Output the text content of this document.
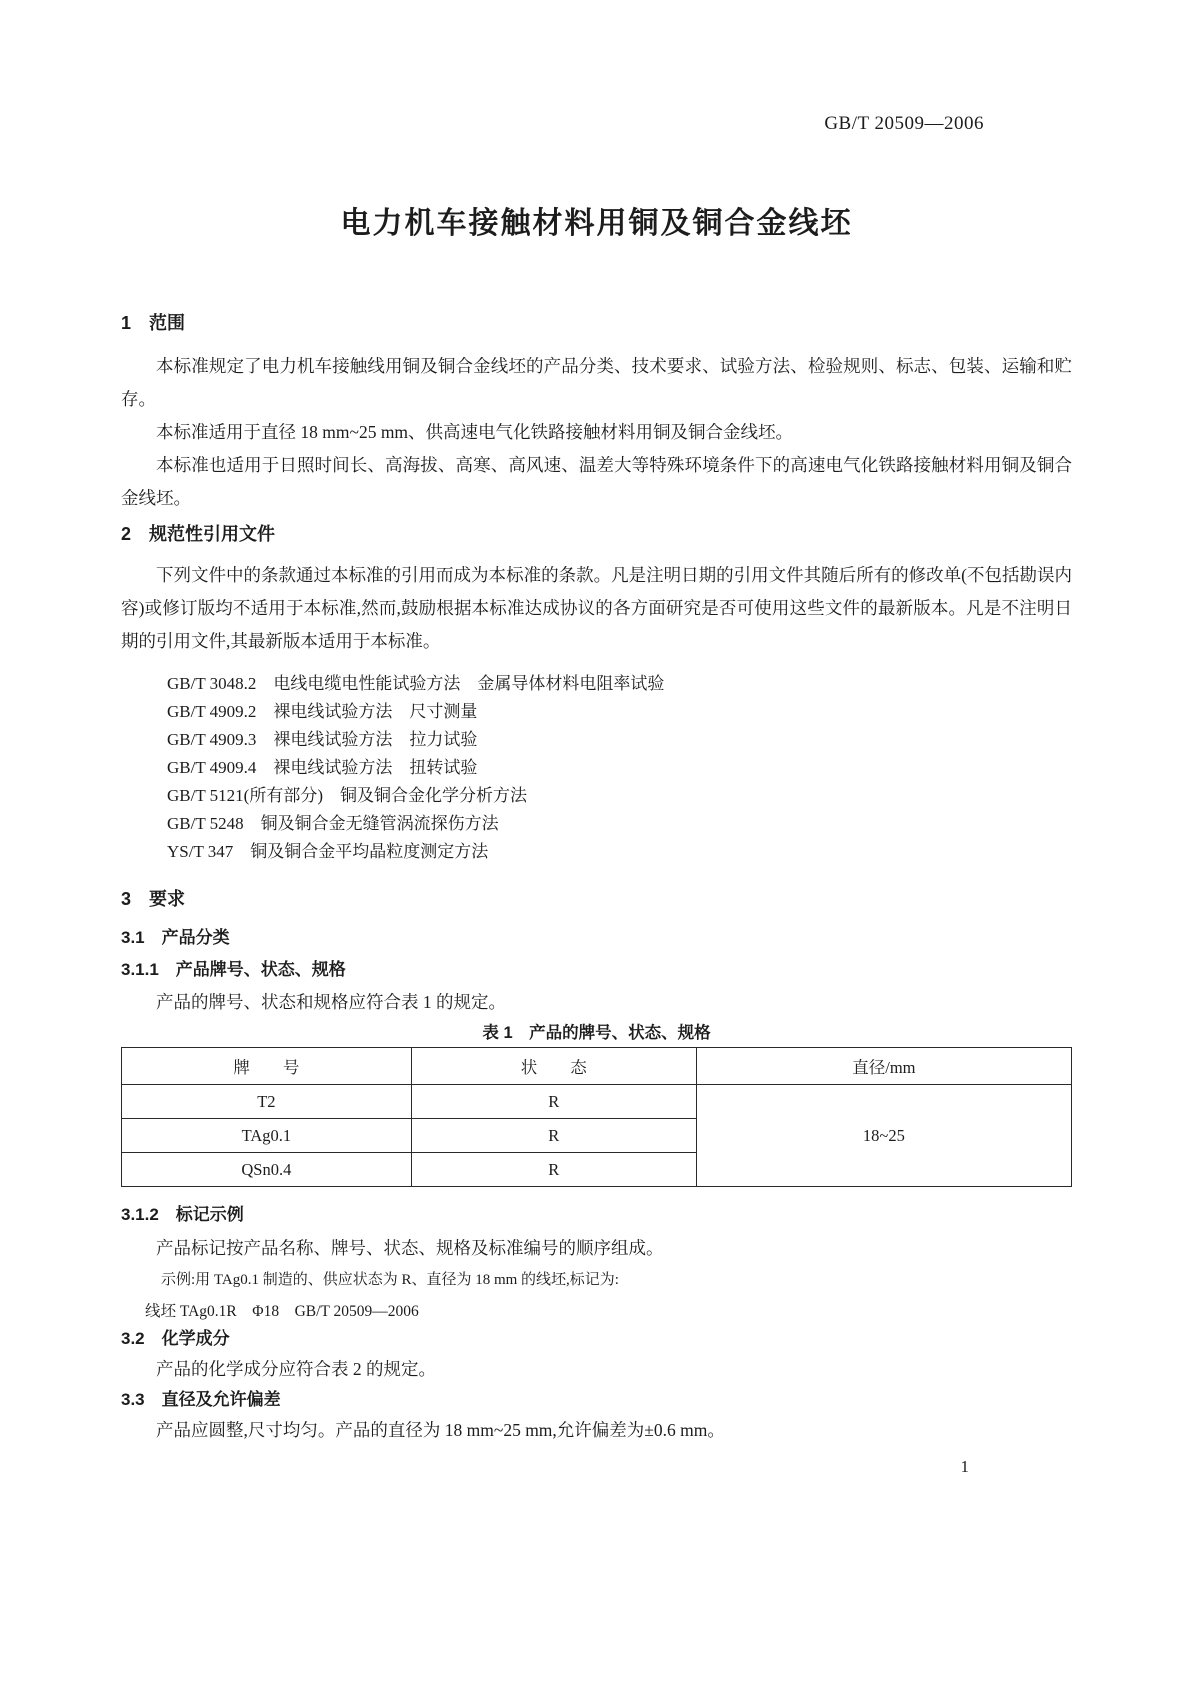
GB/T 20509—2006
电力机车接触材料用铜及铜合金线坯
1　范围

本标准规定了电力机车接触线用铜及铜合金线坯的产品分类、技术要求、试验方法、检验规则、标志、包装、运输和贮存。

本标准适用于直径 18 mm~25 mm、供高速电气化铁路接触材料用铜及铜合金线坯。

本标准也适用于日照时间长、高海拔、高寒、高风速、温差大等特殊环境条件下的高速电气化铁路接触材料用铜及铜合金线坯。

2　规范性引用文件

下列文件中的条款通过本标准的引用而成为本标准的条款。凡是注明日期的引用文件其随后所有的修改单(不包括勘误内容)或修订版均不适用于本标准,然而,鼓励根据本标准达成协议的各方面研究是否可使用这些文件的最新版本。凡是不注明日期的引用文件,其最新版本适用于本标准。

GB/T 3048.2　电线电缆电性能试验方法　金属导体材料电阻率试验
GB/T 4909.2　裸电线试验方法　尺寸测量
GB/T 4909.3　裸电线试验方法　拉力试验
GB/T 4909.4　裸电线试验方法　扭转试验
GB/T 5121(所有部分)　铜及铜合金化学分析方法
GB/T 5248　铜及铜合金无缝管涡流探伤方法
YS/T 347　铜及铜合金平均晶粒度测定方法
3　要求
3.1　产品分类
3.1.1　产品牌号、状态、规格

产品的牌号、状态和规格应符合表 1 的规定。

表 1　产品的牌号、状态、规格
牌　　号	状　　态	直径/mm
T2	R	18~25
TAg0.1	R	
QSn0.4	R	
3.1.2　标记示例

产品标记按产品名称、牌号、状态、规格及标准编号的顺序组成。

示例:用 TAg0.1 制造的、供应状态为 R、直径为 18 mm 的线坯,标记为:

线坯 TAg0.1R　Φ18　GB/T 20509—2006

3.2　化学成分

产品的化学成分应符合表 2 的规定。

3.3　直径及允许偏差

产品应圆整,尺寸均匀。产品的直径为 18 mm~25 mm,允许偏差为±0.6 mm。

1
